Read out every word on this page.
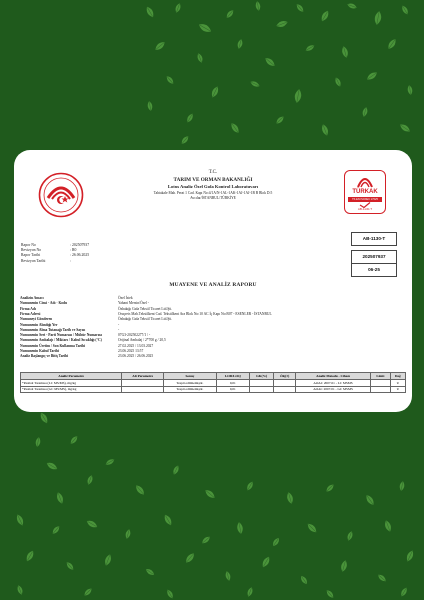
T.C.
TARIM VE ORMAN BAKANLIĞI
Lotus Analiz Özel Gıda Kontrol Laboratuvarı
Tahtakale Mah. Perat 1 Cad. Kapı No:4/1A/N-1AL-1AK-1AJ-1AJ-1B B Blok D:5
Avcılar/İSTANBUL/TÜRKİYE
TÜRKAK
TS EN ISO/IEC 17025
AB-1130-T
AB-1130-T
202507937
06-25
Rapor No	: 202507937
Revizyon No	: R0
Rapor Tarihi	: 26.06.2025
Revizyon Tarihi	:
MUAYENE VE ANALİZ RAPORU
Analizin Amacı	Özel İstek
Numunenin Cinsi - Adı - Kodu	Yabani Mersin/Özel -
Firma Adı	Özbakığı Gıda Tekstil Ticaret Ltd.Şti.
Firma Adresi	Oruçreis Mah.Tekstilkent Cad. Tekstilkent Ara Blok No:10 AC İç Kapı No:B07 - ESENLER - İSTANBUL
Numuneyi Gönderen	Özbakığı Gıda Tekstil Ticaret Ltd.Şti.
Numunenin Alındığı Yer	-
Numunenin Alma Tutanağı Tarih ve Sayısı	-
Numunenin Seri - Parti Numarası / Mühür Numarası	07G3-202502277/1 / -
Numunenin Ambalajı / Miktarı / Kabul Sıcaklığı (°C)	Orijinal Ambalaj / 2*700 g / 20,5
Numunenin Üretim / Son Kullanma Tarihi	27.02.2025 / 13.03.2027
Numunenin Kabul Tarihi	23.06.2025 13:57
Analiz Başlangıç ve Bitiş Tarihi	23.06.2025 / 26.06.2025
Analiz Parametre	Alt Parametre	Sonuç	LOD/LOQ	GK(%)	Ölç(±)	Analiz Metodu - Cihazı	Limit	Değ
*Pestisit Taraması (LC MS/MS), mg/kg		Tespit edilmemiştir.	0,01			AOAC 2007.01 - LC MSMS		U
*Pestisit Taraması (GC MS/MS), mg/kg		Tespit edilmemiştir.	0,01			AOAC 2007.01 - GC MSMS		U
